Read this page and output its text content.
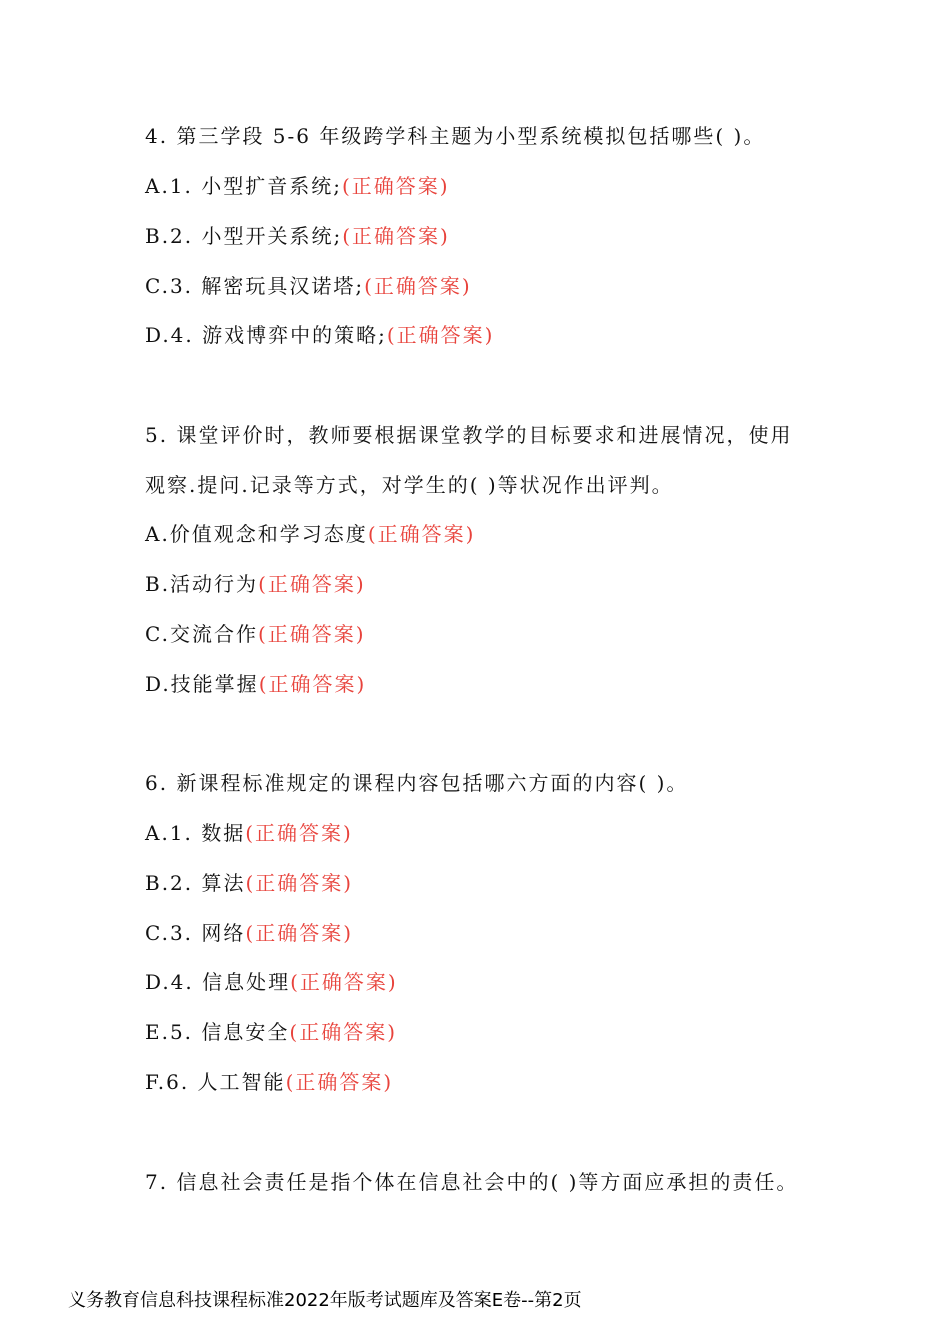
4. 第三学段 5-6 年级跨学科主题为小型系统模拟包括哪些( )。
A.1. 小型扩音系统;(正确答案)
B.2. 小型开关系统;(正确答案)
C.3. 解密玩具汉诺塔;(正确答案)
D.4. 游戏博弈中的策略;(正确答案)
5. 课堂评价时，教师要根据课堂教学的目标要求和进展情况，使用
观察.提问.记录等方式，对学生的( )等状况作出评判。
A.价值观念和学习态度(正确答案)
B.活动行为(正确答案)
C.交流合作(正确答案)
D.技能掌握(正确答案)
6. 新课程标准规定的课程内容包括哪六方面的内容( )。
A.1. 数据(正确答案)
B.2. 算法(正确答案)
C.3. 网络(正确答案)
D.4. 信息处理(正确答案)
E.5. 信息安全(正确答案)
F.6. 人工智能(正确答案)
7. 信息社会责任是指个体在信息社会中的( )等方面应承担的责任。
义务教育信息科技课程标准2022年版考试题库及答案E卷--第2页
